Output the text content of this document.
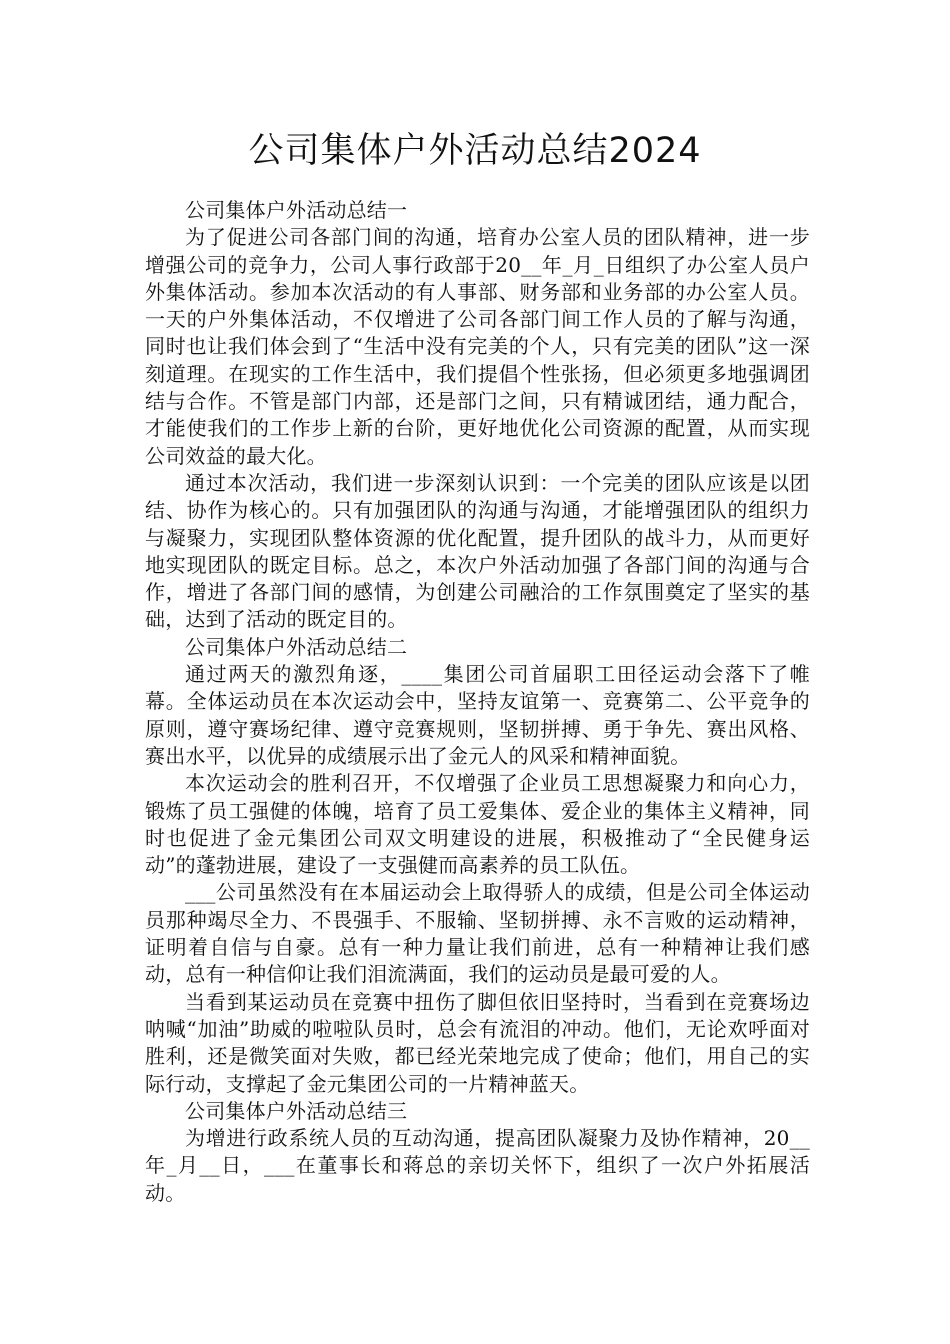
公司集体户外活动总结2024

公司集体户外活动总结一

为了促进公司各部门间的沟通，培育办公室人员的团队精神，进一步增强公司的竞争力，公司人事行政部于20__年_月_日组织了办公室人员户外集体活动。参加本次活动的有人事部、财务部和业务部的办公室人员。一天的户外集体活动，不仅增进了公司各部门间工作人员的了解与沟通，同时也让我们体会到了“生活中没有完美的个人，只有完美的团队”这一深刻道理。在现实的工作生活中，我们提倡个性张扬，但必须更多地强调团结与合作。不管是部门内部，还是部门之间，只有精诚团结，通力配合，才能使我们的工作步上新的台阶，更好地优化公司资源的配置，从而实现公司效益的最大化。

通过本次活动，我们进一步深刻认识到：一个完美的团队应该是以团结、协作为核心的。只有加强团队的沟通与沟通，才能增强团队的组织力与凝聚力，实现团队整体资源的优化配置，提升团队的战斗力，从而更好地实现团队的既定目标。总之，本次户外活动加强了各部门间的沟通与合作，增进了各部门间的感情，为创建公司融洽的工作氛围奠定了坚实的基础，达到了活动的既定目的。

公司集体户外活动总结二

通过两天的激烈角逐，____集团公司首届职工田径运动会落下了帷幕。全体运动员在本次运动会中，坚持友谊第一、竞赛第二、公平竞争的原则，遵守赛场纪律、遵守竞赛规则，坚韧拼搏、勇于争先、赛出风格、赛出水平，以优异的成绩展示出了金元人的风采和精神面貌。

本次运动会的胜利召开，不仅增强了企业员工思想凝聚力和向心力，锻炼了员工强健的体魄，培育了员工爱集体、爱企业的集体主义精神，同时也促进了金元集团公司双文明建设的进展，积极推动了“全民健身运动”的蓬勃进展，建设了一支强健而高素养的员工队伍。

___公司虽然没有在本届运动会上取得骄人的成绩，但是公司全体运动员那种竭尽全力、不畏强手、不服输、坚韧拼搏、永不言败的运动精神，证明着自信与自豪。总有一种力量让我们前进，总有一种精神让我们感动，总有一种信仰让我们泪流满面，我们的运动员是最可爱的人。

当看到某运动员在竞赛中扭伤了脚但依旧坚持时，当看到在竞赛场边呐喊“加油”助威的啦啦队员时，总会有流泪的冲动。他们，无论欢呼面对胜利，还是微笑面对失败，都已经光荣地完成了使命；他们，用自己的实际行动，支撑起了金元集团公司的一片精神蓝天。

公司集体户外活动总结三

为增进行政系统人员的互动沟通，提高团队凝聚力及协作精神，20__年_月__日，___在董事长和蒋总的亲切关怀下，组织了一次户外拓展活动。
